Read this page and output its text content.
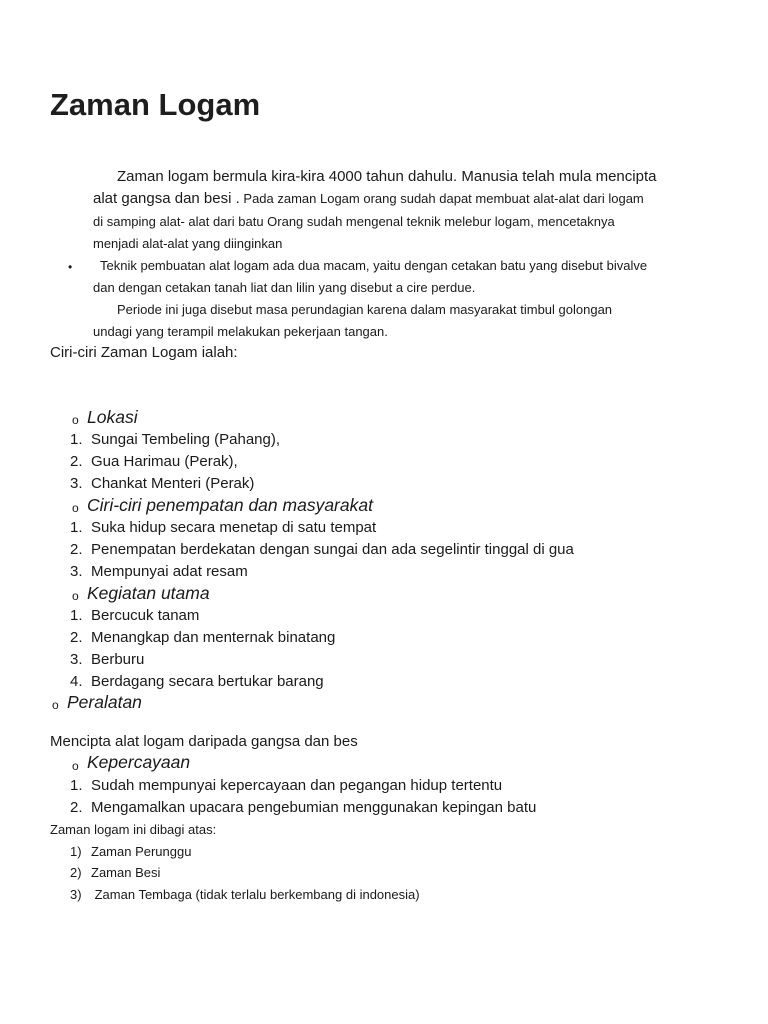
Zaman Logam
Zaman logam bermula kira-kira 4000 tahun dahulu. Manusia telah mula mencipta
alat gangsa dan besi . Pada zaman Logam orang sudah dapat membuat alat-alat dari logam
di samping alat- alat dari batu Orang sudah mengenal teknik melebur logam, mencetaknya
menjadi alat-alat yang diinginkan
• Teknik pembuatan alat logam ada dua macam, yaitu dengan cetakan batu yang disebut bivalve
dan dengan cetakan tanah liat dan lilin yang disebut a cire perdue.
Periode ini juga disebut masa perundagian karena dalam masyarakat timbul golongan
undagi yang terampil melakukan pekerjaan tangan.
Ciri-ciri Zaman Logam ialah:
o Lokasi
1. Sungai Tembeling (Pahang),
2. Gua Harimau (Perak),
3. Chankat Menteri (Perak)
o Ciri-ciri penempatan dan masyarakat
1. Suka hidup secara menetap di satu tempat
2. Penempatan berdekatan dengan sungai dan ada segelintir tinggal di gua
3. Mempunyai adat resam
o Kegiatan utama
1. Bercucuk tanam
2. Menangkap dan menternak binatang
3. Berburu
4. Berdagang secara bertukar barang
o Peralatan
Mencipta alat logam daripada gangsa dan bes
o Kepercayaan
1. Sudah mempunyai kepercayaan dan pegangan hidup tertentu
2. Mengamalkan upacara pengebumian menggunakan kepingan batu
Zaman logam ini dibagi atas:
1) Zaman Perunggu
2) Zaman Besi
3) Zaman Tembaga (tidak terlalu berkembang di indonesia)
